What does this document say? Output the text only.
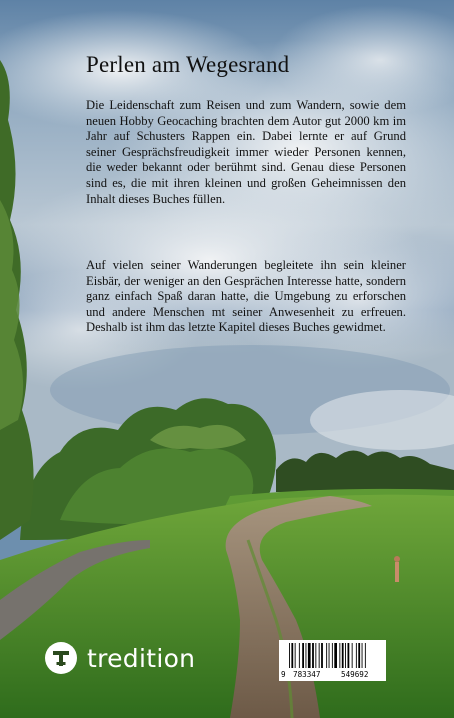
Perlen am Wegesrand

Die Leidenschaft zum Reisen und zum Wandern, sowie dem neuen Hobby Geocaching brachten dem Autor gut 2000 km im Jahr auf Schusters Rappen ein. Dabei lernte er auf Grund seiner Gesprächsfreudigkeit immer wieder Personen kennen, die weder bekannt oder berühmt sind. Genau diese Personen sind es, die mit ihren kleinen und großen Geheimnissen den Inhalt dieses Buches füllen.

Auf vielen seiner Wanderungen begleitete ihn sein kleiner Eisbär, der weniger an den Gesprächen Interesse hatte, sondern ganz einfach Spaß daran hatte, die Umgebung zu erforschen und andere Menschen mt seiner Anwesenheit zu erfreuen. Deshalb ist ihm das letzte Kapitel dieses Buches gewidmet.

tredition
9 783347	549692
